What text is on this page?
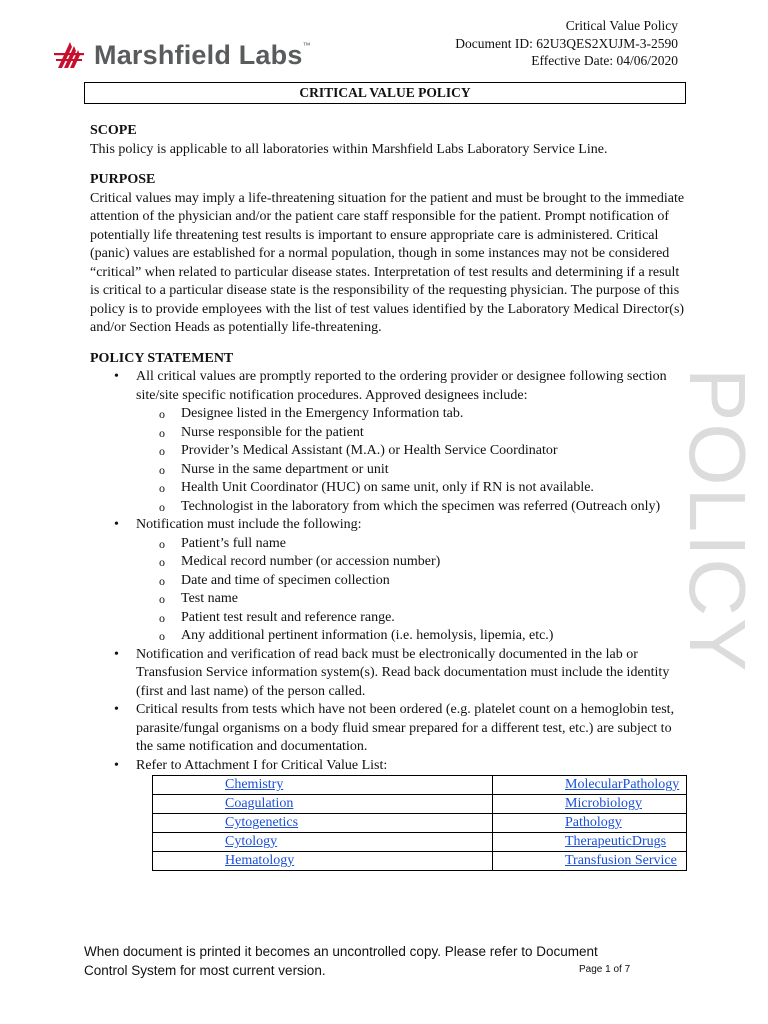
Marshfield Labs ™
Critical Value Policy
Document ID: 62U3QES2XUJM-3-2590
Effective Date: 04/06/2020
CRITICAL VALUE POLICY
SCOPE
This policy is applicable to all laboratories within Marshfield Labs Laboratory Service Line.
PURPOSE
Critical values may imply a life-threatening situation for the patient and must be brought to the immediate attention of the physician and/or the patient care staff responsible for the patient. Prompt notification of potentially life threatening test results is important to ensure appropriate care is administered. Critical (panic) values are established for a normal population, though in some instances may not be considered “critical” when related to particular disease states. Interpretation of test results and determining if a result is critical to a particular disease state is the responsibility of the requesting physician. The purpose of this policy is to provide employees with the list of test values identified by the Laboratory Medical Director(s) and/or Section Heads as potentially life-threatening.
POLICY STATEMENT
• All critical values are promptly reported to the ordering provider or designee following section site/site specific notification procedures. Approved designees include:
o Designee listed in the Emergency Information tab.
o Nurse responsible for the patient
o Provider’s Medical Assistant (M.A.) or Health Service Coordinator
o Nurse in the same department or unit
o Health Unit Coordinator (HUC) on same unit, only if RN is not available.
o Technologist in the laboratory from which the specimen was referred (Outreach only)
• Notification must include the following:
o Patient’s full name
o Medical record number (or accession number)
o Date and time of specimen collection
o Test name
o Patient test result and reference range.
o Any additional pertinent information (i.e. hemolysis, lipemia, etc.)
• Notification and verification of read back must be electronically documented in the lab or Transfusion Service information system(s). Read back documentation must include the identity (first and last name) of the person called.
• Critical results from tests which have not been ordered (e.g. platelet count on a hemoglobin test, parasite/fungal organisms on a body fluid smear prepared for a different test, etc.) are subject to the same notification and documentation.
• Refer to Attachment I for Critical Value List:
Chemistry	MolecularPathology
Coagulation	Microbiology
Cytogenetics	Pathology
Cytology	TherapeuticDrugs
Hematology	Transfusion Service
POLICY
When document is printed it becomes an uncontrolled copy. Please refer to Document
Control System for most current version.	Page 1 of 7
